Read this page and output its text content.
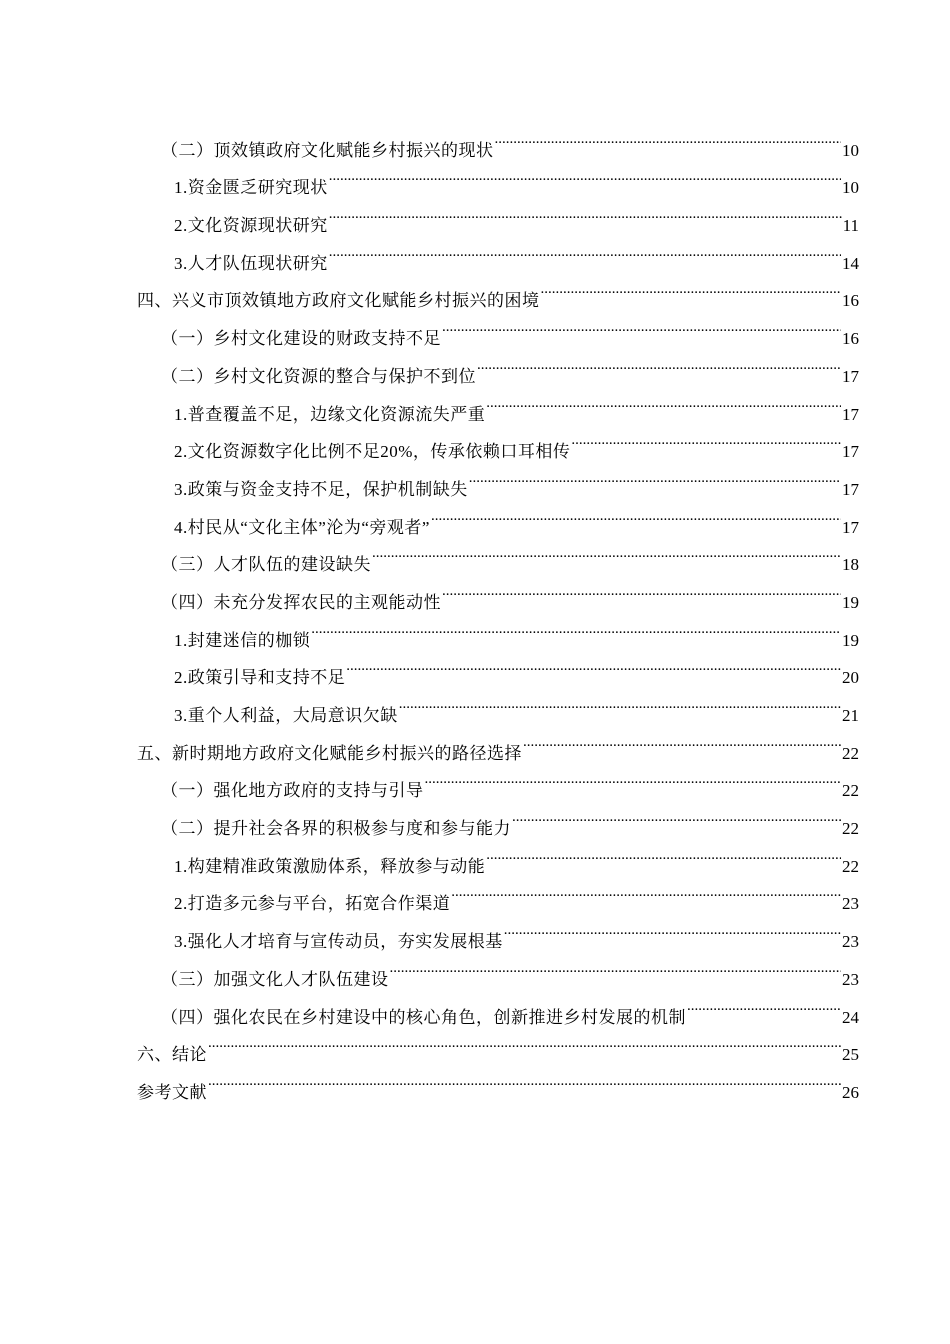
（二）顶效镇政府文化赋能乡村振兴的现状 .....	10
1.资金匮乏研究现状 .....	10
2.文化资源现状研究 .....	11
3.人才队伍现状研究 .....	14
四、兴义市顶效镇地方政府文化赋能乡村振兴的困境 .....	16
（一）乡村文化建设的财政支持不足 .....	16
（二）乡村文化资源的整合与保护不到位 .....	17
1.普查覆盖不足，边缘文化资源流失严重 .....	17
2.文化资源数字化比例不足20%，传承依赖口耳相传 .....	17
3.政策与资金支持不足，保护机制缺失 .....	17
4.村民从“文化主体”沦为“旁观者” .....	17
（三）人才队伍的建设缺失 .....	18
（四）未充分发挥农民的主观能动性 .....	19
1.封建迷信的枷锁 .....	19
2.政策引导和支持不足 .....	20
3.重个人利益，大局意识欠缺 .....	21
五、新时期地方政府文化赋能乡村振兴的路径选择 .....	22
（一）强化地方政府的支持与引导 .....	22
（二）提升社会各界的积极参与度和参与能力 .....	22
1.构建精准政策激励体系，释放参与动能 .....	22
2.打造多元参与平台，拓宽合作渠道 .....	23
3.强化人才培育与宣传动员，夯实发展根基 .....	23
（三）加强文化人才队伍建设 .....	23
（四）强化农民在乡村建设中的核心角色，创新推进乡村发展的机制 .....	24
六、结论 .....	25
参考文献 .....	26
